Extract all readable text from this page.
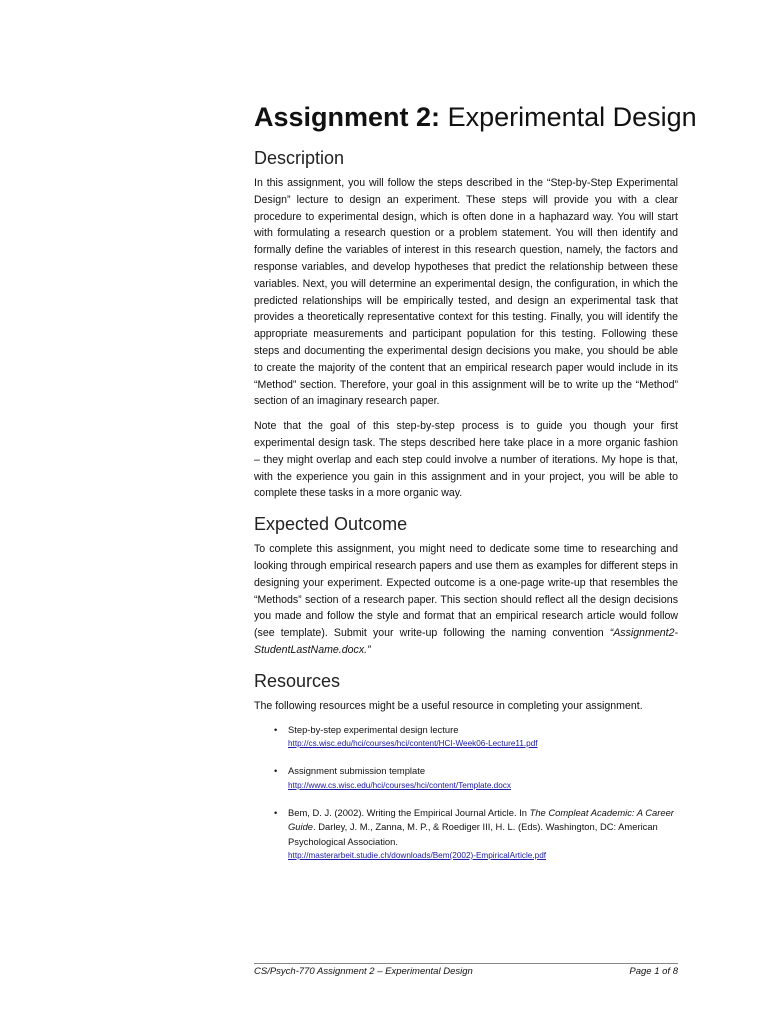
Assignment 2: Experimental Design
Description

In this assignment, you will follow the steps described in the “Step-by-Step Experimental Design” lecture to design an experiment. These steps will provide you with a clear procedure to experimental design, which is often done in a haphazard way. You will start with formulating a research question or a problem statement. You will then identify and formally define the variables of interest in this research question, namely, the factors and response variables, and develop hypotheses that predict the relationship between these variables. Next, you will determine an experimental design, the configuration, in which the predicted relationships will be empirically tested, and design an experimental task that provides a theoretically representative context for this testing. Finally, you will identify the appropriate measurements and participant population for this testing. Following these steps and documenting the experimental design decisions you make, you should be able to create the majority of the content that an empirical research paper would include in its “Method” section. Therefore, your goal in this assignment will be to write up the “Method” section of an imaginary research paper.

Note that the goal of this step-by-step process is to guide you though your first experimental design task. The steps described here take place in a more organic fashion – they might overlap and each step could involve a number of iterations. My hope is that, with the experience you gain in this assignment and in your project, you will be able to complete these tasks in a more organic way.

Expected Outcome

To complete this assignment, you might need to dedicate some time to researching and looking through empirical research papers and use them as examples for different steps in designing your experiment. Expected outcome is a one-page write-up that resembles the “Methods” section of a research paper. This section should reflect all the design decisions you made and follow the style and format that an empirical research article would follow (see template). Submit your write-up following the naming convention “Assignment2-StudentLastName.docx.”

Resources

The following resources might be a useful resource in completing your assignment.

• Step-by-step experimental design lecture
http://cs.wisc.edu/hci/courses/hci/content/HCI-Week06-Lecture11.pdf
• Assignment submission template
http://www.cs.wisc.edu/hci/courses/hci/content/Template.docx
• Bem, D. J. (2002). Writing the Empirical Journal Article. In The Compleat Academic: A Career Guide. Darley, J. M., Zanna, M. P., & Roediger III, H. L. (Eds). Washington, DC: American Psychological Association.
http://masterarbeit.studie.ch/downloads/Bem(2002)-EmpiricalArticle.pdf
CS/Psych-770 Assignment 2 – Experimental Design	Page 1 of 8
